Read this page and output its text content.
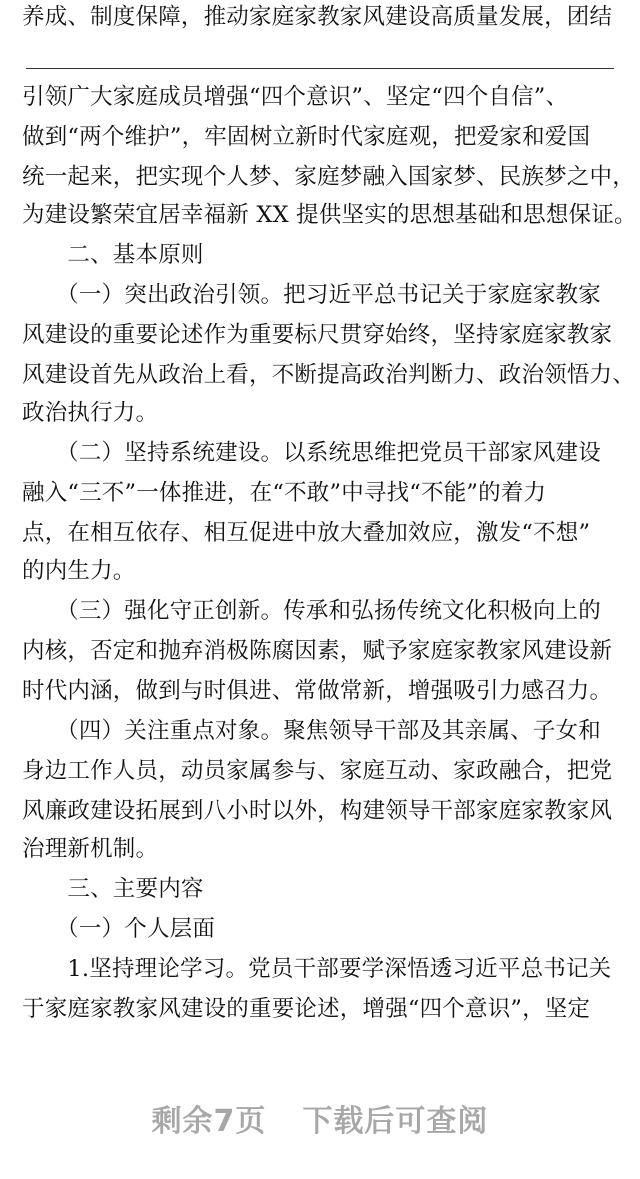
养成、制度保障，推动家庭家教家风建设高质量发展，团结
引领广大家庭成员增强“四个意识”、坚定“四个自信”、
做到“两个维护”，牢固树立新时代家庭观，把爱家和爱国
统一起来，把实现个人梦、家庭梦融入国家梦、民族梦之中，
为建设繁荣宜居幸福新 XX 提供坚实的思想基础和思想保证。
　　二、基本原则
　　（一）突出政治引领。把习近平总书记关于家庭家教家
风建设的重要论述作为重要标尺贯穿始终，坚持家庭家教家
风建设首先从政治上看，不断提高政治判断力、政治领悟力、
政治执行力。
　　（二）坚持系统建设。以系统思维把党员干部家风建设
融入“三不”一体推进，在“不敢”中寻找“不能”的着力
点，在相互依存、相互促进中放大叠加效应，激发“不想”
的内生力。
　　（三）强化守正创新。传承和弘扬传统文化积极向上的
内核，否定和抛弃消极陈腐因素，赋予家庭家教家风建设新
时代内涵，做到与时俱进、常做常新，增强吸引力感召力。
　　（四）关注重点对象。聚焦领导干部及其亲属、子女和
身边工作人员，动员家属参与、家庭互动、家政融合，把党
风廉政建设拓展到八小时以外，构建领导干部家庭家教家风
治理新机制。
　　三、主要内容
　　（一）个人层面
　　1.坚持理论学习。党员干部要学深悟透习近平总书记关
于家庭家教家风建设的重要论述，增强“四个意识”，坚定
剩余7页 下载后可查阅
